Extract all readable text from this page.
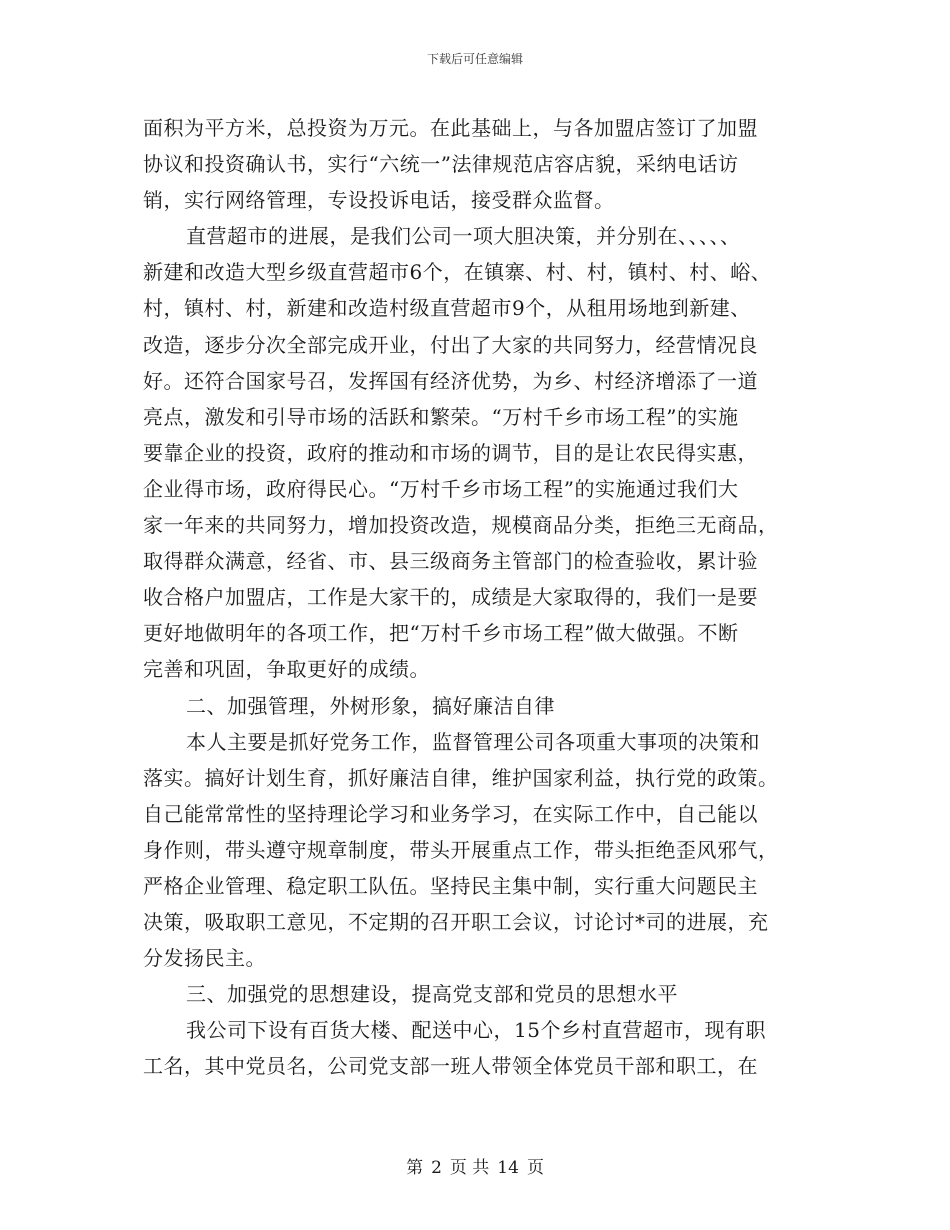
下载后可任意编辑
面积为平方米，总投资为万元。在此基础上，与各加盟店签订了加盟
协议和投资确认书，实行“六统一”法律规范店容店貌，采纳电话访
销，实行网络管理，专设投诉电话，接受群众监督。
直营超市的进展，是我们公司一项大胆决策，并分别在、、、、、
新建和改造大型乡级直营超市6个，在镇寨、村、村，镇村、村、峪、
村，镇村、村，新建和改造村级直营超市9个，从租用场地到新建、
改造，逐步分次全部完成开业，付出了大家的共同努力，经营情况良
好。还符合国家号召，发挥国有经济优势，为乡、村经济增添了一道
亮点，激发和引导市场的活跃和繁荣。“万村千乡市场工程”的实施
要靠企业的投资，政府的推动和市场的调节，目的是让农民得实惠，
企业得市场，政府得民心。“万村千乡市场工程”的实施通过我们大
家一年来的共同努力，增加投资改造，规模商品分类，拒绝三无商品，
取得群众满意，经省、市、县三级商务主管部门的检查验收，累计验
收合格户加盟店，工作是大家干的，成绩是大家取得的，我们一是要
更好地做明年的各项工作，把“万村千乡市场工程”做大做强。不断
完善和巩固，争取更好的成绩。
二、加强管理，外树形象，搞好廉洁自律
本人主要是抓好党务工作，监督管理公司各项重大事项的决策和
落实。搞好计划生育，抓好廉洁自律，维护国家利益，执行党的政策。
自己能常常性的坚持理论学习和业务学习，在实际工作中，自己能以
身作则，带头遵守规章制度，带头开展重点工作，带头拒绝歪风邪气，
严格企业管理、稳定职工队伍。坚持民主集中制，实行重大问题民主
决策，吸取职工意见，不定期的召开职工会议，讨论讨*司的进展，充
分发扬民主。
三、加强党的思想建设，提高党支部和党员的思想水平
我公司下设有百货大楼、配送中心，15个乡村直营超市，现有职
工名，其中党员名，公司党支部一班人带领全体党员干部和职工，在
第 2 页 共 14 页
